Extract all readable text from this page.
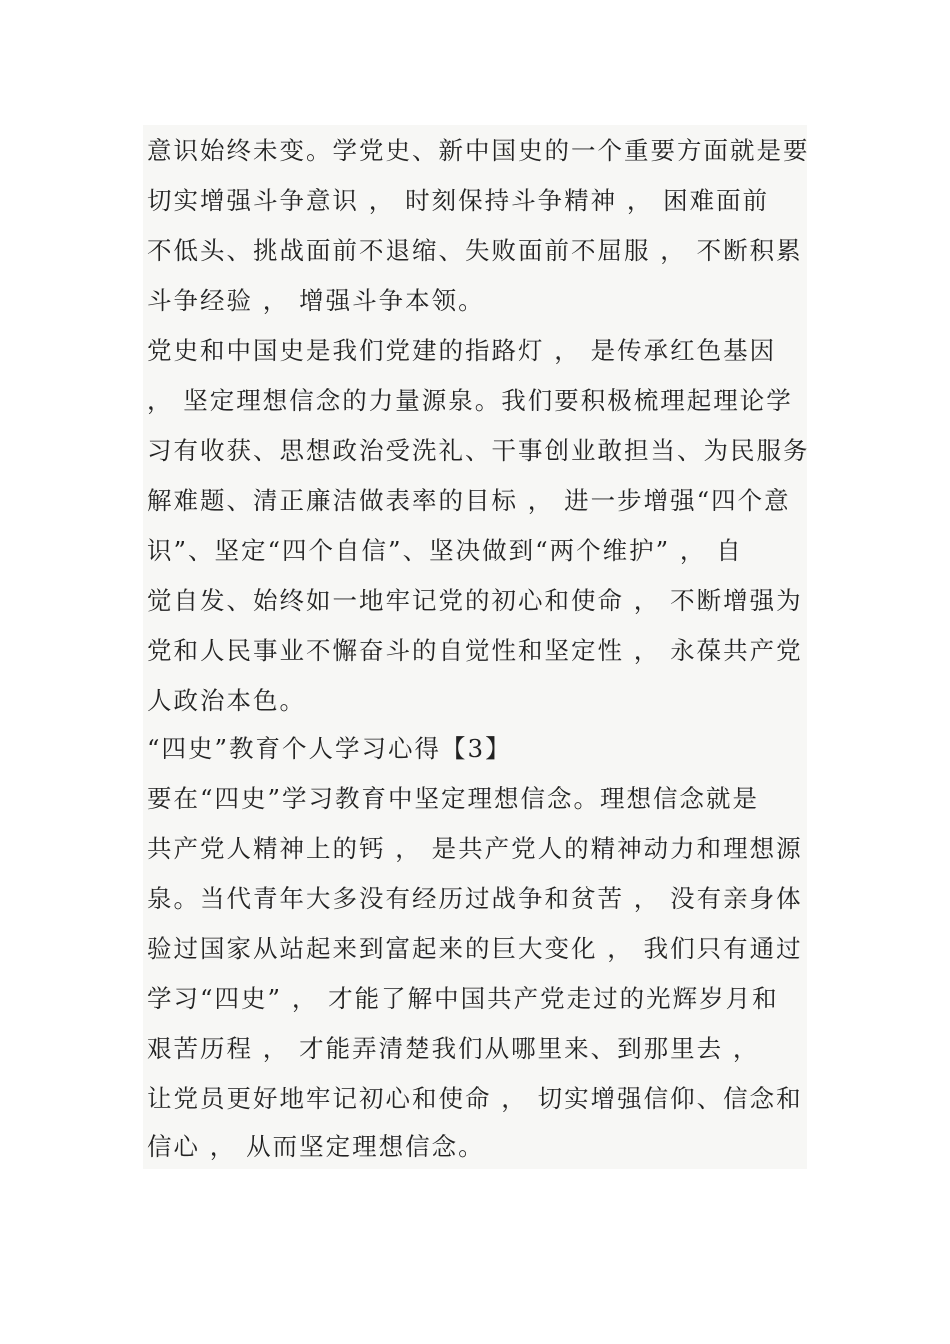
意识始终未变。学党史、新中国史的一个重要方面就是要
切实增强斗争意识 ， 时刻保持斗争精神 ， 困难面前
不低头、挑战面前不退缩、失败面前不屈服 ， 不断积累
斗争经验 ， 增强斗争本领。
党史和中国史是我们党建的指路灯 ， 是传承红色基因
， 坚定理想信念的力量源泉。我们要积极梳理起理论学
习有收获、思想政治受洗礼、干事创业敢担当、为民服务
解难题、清正廉洁做表率的目标 ， 进一步增强“四个意
识”、坚定“四个自信”、坚决做到“两个维护” ， 自
觉自发、始终如一地牢记党的初心和使命 ， 不断增强为
党和人民事业不懈奋斗的自觉性和坚定性 ， 永葆共产党
人政治本色。
“四史”教育个人学习心得【3】
要在“四史”学习教育中坚定理想信念。理想信念就是
共产党人精神上的钙 ， 是共产党人的精神动力和理想源
泉。当代青年大多没有经历过战争和贫苦 ， 没有亲身体
验过国家从站起来到富起来的巨大变化 ， 我们只有通过
学习“四史” ， 才能了解中国共产党走过的光辉岁月和
艰苦历程 ， 才能弄清楚我们从哪里来、到那里去 ，
让党员更好地牢记初心和使命 ， 切实增强信仰、信念和
信心 ， 从而坚定理想信念。
